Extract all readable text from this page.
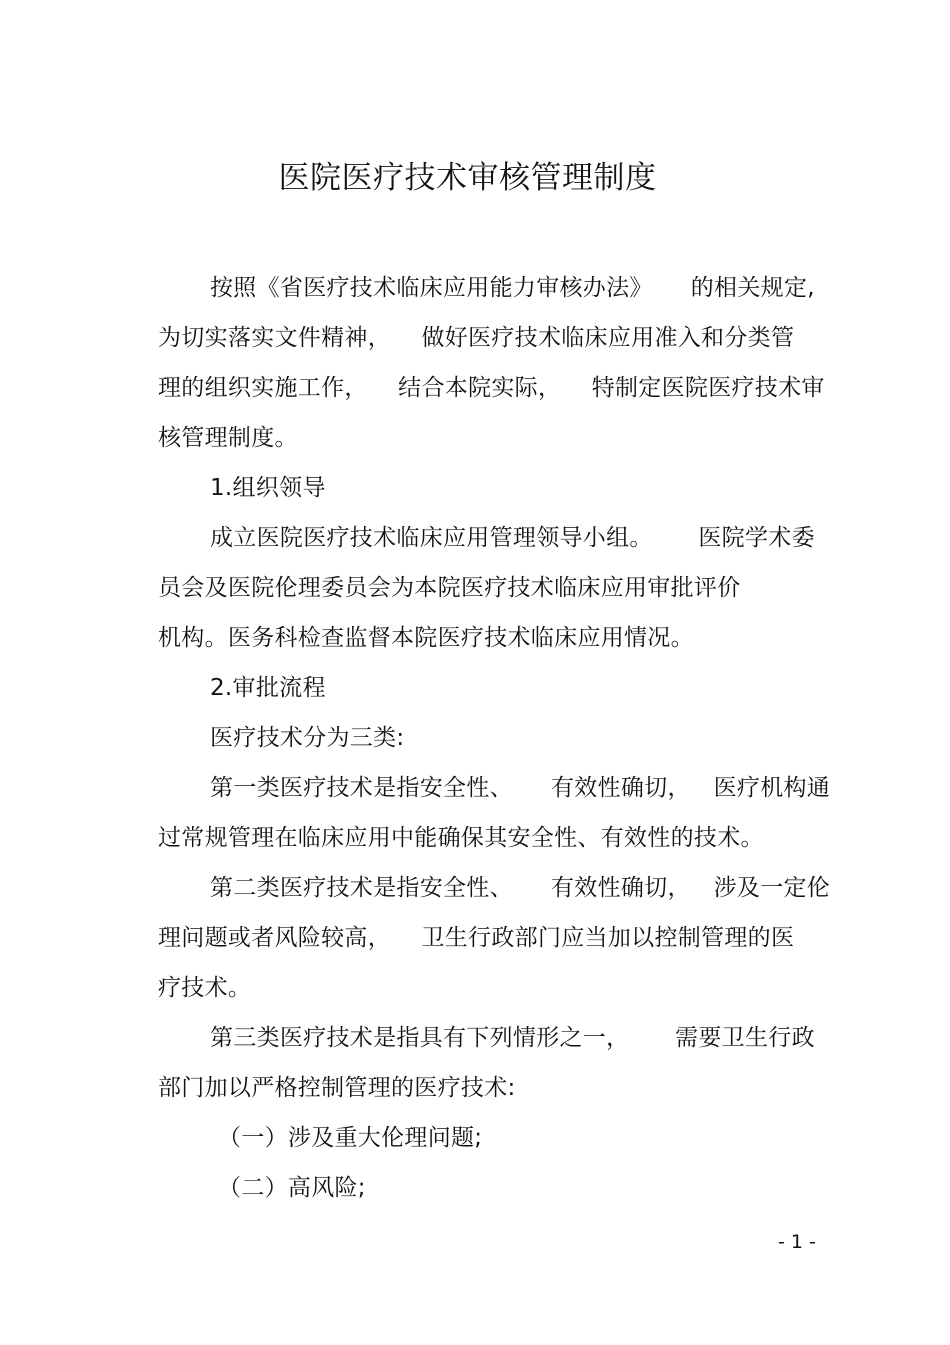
医院医疗技术审核管理制度
按照《省医疗技术临床应用能力审核办法》     的相关规定,
为切实落实文件精神，    做好医疗技术临床应用准入和分类管
理的组织实施工作，    结合本院实际，    特制定医院医疗技术审
核管理制度。
1.组织领导
成立医院医疗技术临床应用管理领导小组。      医院学术委
员会及医院伦理委员会为本院医疗技术临床应用审批评价
机构。医务科检查监督本院医疗技术临床应用情况。
2.审批流程
医疗技术分为三类:
第一类医疗技术是指安全性、     有效性确切，   医疗机构通
过常规管理在临床应用中能确保其安全性、有效性的技术。
第二类医疗技术是指安全性、     有效性确切，   涉及一定伦
理问题或者风险较高，    卫生行政部门应当加以控制管理的医
疗技术。
第三类医疗技术是指具有下列情形之一，      需要卫生行政
部门加以严格控制管理的医疗技术:
（一）涉及重大伦理问题;
（二）高风险;
- 1 -
